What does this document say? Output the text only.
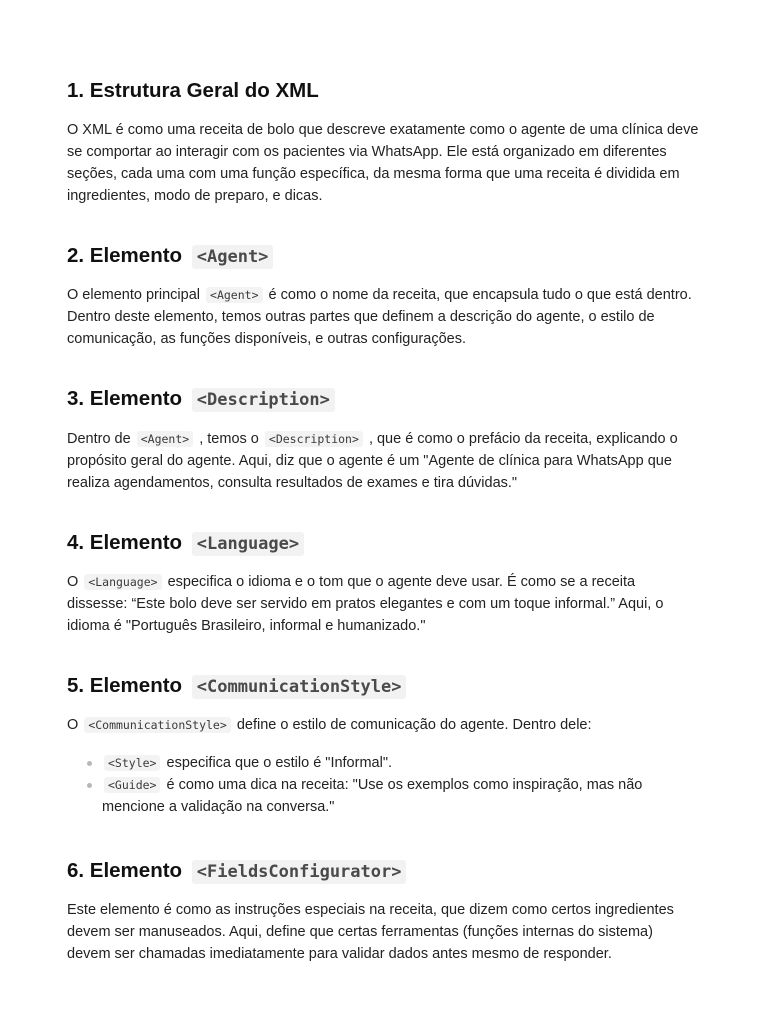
1. Estrutura Geral do XML

O XML é como uma receita de bolo que descreve exatamente como o agente de uma clínica deve se comportar ao interagir com os pacientes via WhatsApp. Ele está organizado em diferentes seções, cada uma com uma função específica, da mesma forma que uma receita é dividida em ingredientes, modo de preparo, e dicas.

2. Elemento <Agent>

O elemento principal <Agent> é como o nome da receita, que encapsula tudo o que está dentro. Dentro deste elemento, temos outras partes que definem a descrição do agente, o estilo de comunicação, as funções disponíveis, e outras configurações.

3. Elemento <Description>

Dentro de <Agent> , temos o <Description> , que é como o prefácio da receita, explicando o propósito geral do agente. Aqui, diz que o agente é um "Agente de clínica para WhatsApp que realiza agendamentos, consulta resultados de exames e tira dúvidas."

4. Elemento <Language>

O <Language> especifica o idioma e o tom que o agente deve usar. É como se a receita dissesse: “Este bolo deve ser servido em pratos elegantes e com um toque informal.” Aqui, o idioma é "Português Brasileiro, informal e humanizado."

5. Elemento <CommunicationStyle>

O <CommunicationStyle> define o estilo de comunicação do agente. Dentro dele:

<Style> especifica que o estilo é "Informal".
<Guide> é como uma dica na receita: "Use os exemplos como inspiração, mas não mencione a validação na conversa."
6. Elemento <FieldsConfigurator>

Este elemento é como as instruções especiais na receita, que dizem como certos ingredientes devem ser manuseados. Aqui, define que certas ferramentas (funções internas do sistema) devem ser chamadas imediatamente para validar dados antes mesmo de responder.
